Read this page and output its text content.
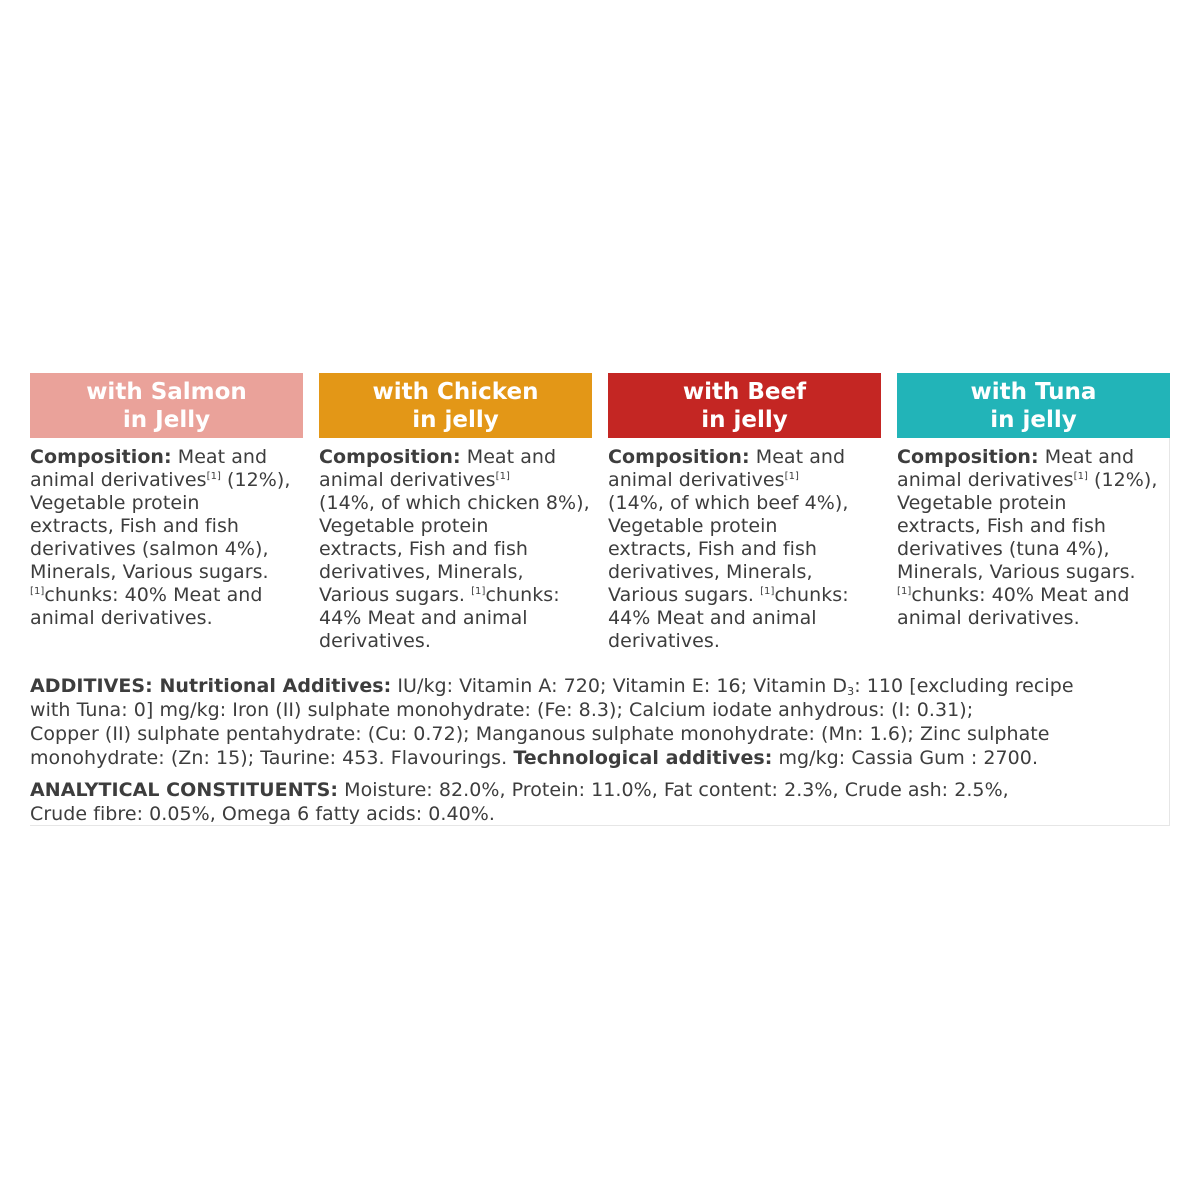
with Salmon
in Jelly
Composition: Meat and
animal derivatives[1] (12%),
Vegetable protein
extracts, Fish and fish
derivatives (salmon 4%),
Minerals, Various sugars.
[1]chunks: 40% Meat and
animal derivatives.
with Chicken
in jelly
Composition: Meat and
animal derivatives[1]
(14%, of which chicken 8%),
Vegetable protein
extracts, Fish and fish
derivatives, Minerals,
Various sugars. [1]chunks:
44% Meat and animal
derivatives.
with Beef
in jelly
Composition: Meat and
animal derivatives[1]
(14%, of which beef 4%),
Vegetable protein
extracts, Fish and fish
derivatives, Minerals,
Various sugars. [1]chunks:
44% Meat and animal
derivatives.
with Tuna
in jelly
Composition: Meat and
animal derivatives[1] (12%),
Vegetable protein
extracts, Fish and fish
derivatives (tuna 4%),
Minerals, Various sugars.
[1]chunks: 40% Meat and
animal derivatives.
ADDITIVES: Nutritional Additives: IU/kg: Vitamin A: 720; Vitamin E: 16; Vitamin $D_3$: 110 [excluding recipe
with Tuna: 0] mg/kg: Iron (II) sulphate monohydrate: (Fe: 8.3); Calcium iodate anhydrous: (I: 0.31);
Copper (II) sulphate pentahydrate: (Cu: 0.72); Manganous sulphate monohydrate: (Mn: 1.6); Zinc sulphate
monohydrate: (Zn: 15); Taurine: 453. Flavourings. Technological additives: mg/kg: Cassia Gum : 2700.
ANALYTICAL CONSTITUENTS: Moisture: 82.0%, Protein: 11.0%, Fat content: 2.3%, Crude ash: 2.5%,
Crude fibre: 0.05%, Omega 6 fatty acids: 0.40%.
